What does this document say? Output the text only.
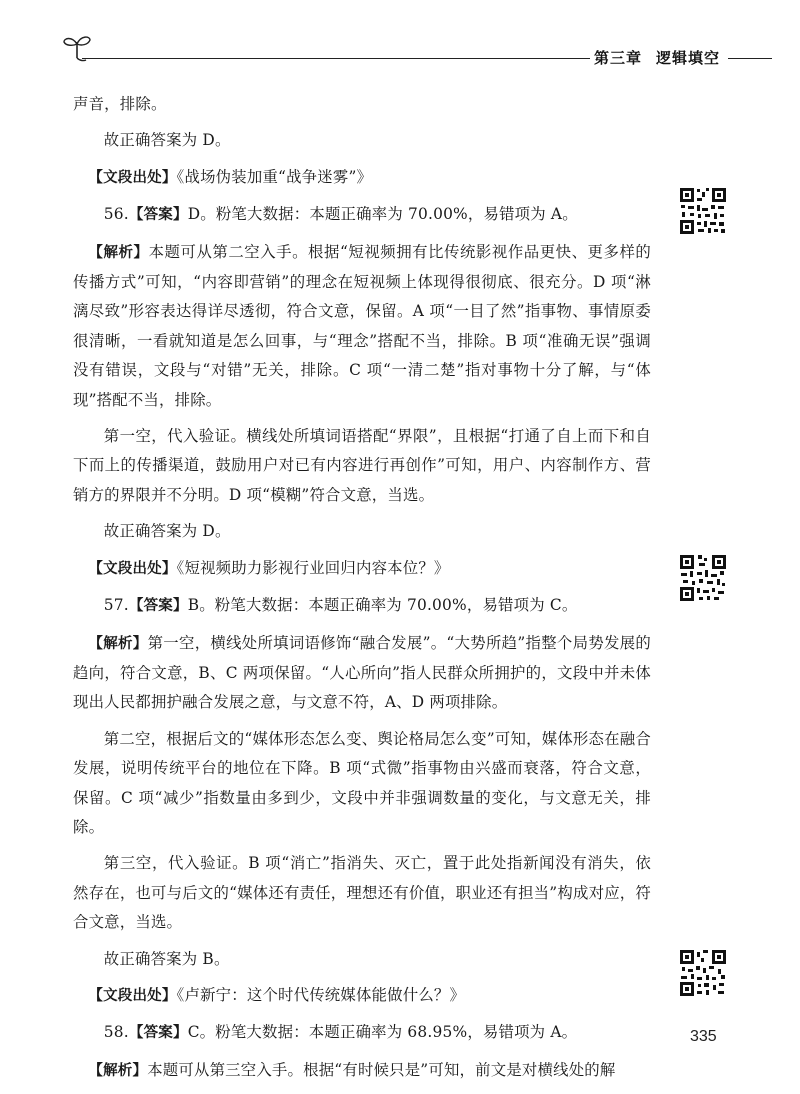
第三章 逻辑填空

声音，排除。

故正确答案为 D。

【文段出处】《战场伪装加重“战争迷雾”》

56.【答案】D。粉笔大数据：本题正确率为 70.00%，易错项为 A。

【解析】本题可从第二空入手。根据“短视频拥有比传统影视作品更快、更多样的传播方式”可知，“内容即营销”的理念在短视频上体现得很彻底、很充分。D 项“淋漓尽致”形容表达得详尽透彻，符合文意，保留。A 项“一目了然”指事物、事情原委很清晰，一看就知道是怎么回事，与“理念”搭配不当，排除。B 项“准确无误”强调没有错误，文段与“对错”无关，排除。C 项“一清二楚”指对事物十分了解，与“体现”搭配不当，排除。

第一空，代入验证。横线处所填词语搭配“界限”，且根据“打通了自上而下和自下而上的传播渠道，鼓励用户对已有内容进行再创作”可知，用户、内容制作方、营销方的界限并不分明。D 项“模糊”符合文意，当选。

故正确答案为 D。

【文段出处】《短视频助力影视行业回归内容本位？》

57.【答案】B。粉笔大数据：本题正确率为 70.00%，易错项为 C。

【解析】第一空，横线处所填词语修饰“融合发展”。“大势所趋”指整个局势发展的趋向，符合文意，B、C 两项保留。“人心所向”指人民群众所拥护的，文段中并未体现出人民都拥护融合发展之意，与文意不符，A、D 两项排除。

第二空，根据后文的“媒体形态怎么变、舆论格局怎么变”可知，媒体形态在融合发展，说明传统平台的地位在下降。B 项“式微”指事物由兴盛而衰落，符合文意，保留。C 项“减少”指数量由多到少，文段中并非强调数量的变化，与文意无关，排除。

第三空，代入验证。B 项“消亡”指消失、灭亡，置于此处指新闻没有消失，依然存在，也可与后文的“媒体还有责任，理想还有价值，职业还有担当”构成对应，符合文意，当选。

故正确答案为 B。

【文段出处】《卢新宁：这个时代传统媒体能做什么？》

58.【答案】C。粉笔大数据：本题正确率为 68.95%，易错项为 A。

【解析】本题可从第三空入手。根据“有时候只是”可知，前文是对横线处的解

335
